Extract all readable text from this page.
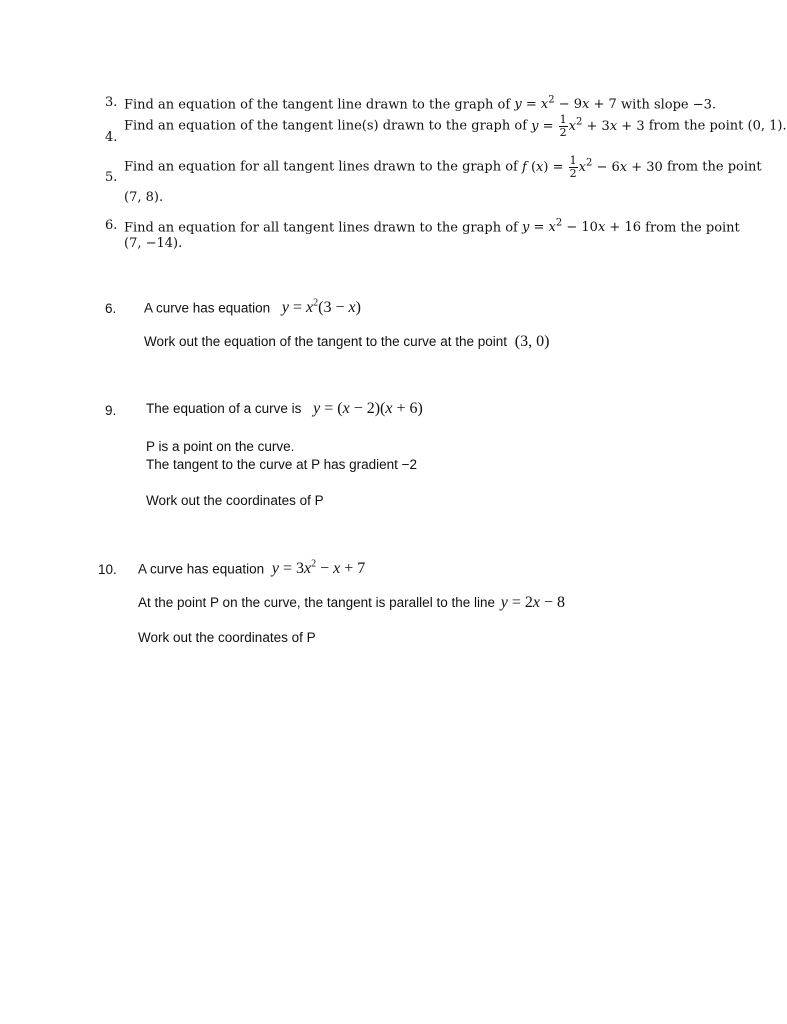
3. Find an equation of the tangent line drawn to the graph of $y = x^2 - 9x + 7$ with slope −3.
4.
Find an equation of the tangent line(s) drawn to the graph of $y = \frac{1}{2} x^2 + 3x + 3$ from the point (0, 1).
5.
Find an equation for all tangent lines drawn to the graph of f $(x) = \frac{1}{2} x^2 - 6x + 30$ from the point
(7, 8).
6. Find an equation for all tangent lines drawn to the graph of $y = x^2 - 10x + 16$ from the point
(7, −14).
6. A curve has equation $y = x^2(3 - x)$
Work out the equation of the tangent to the curve at the point (3, 0)
9. The equation of a curve is y = (x − 2)(x + 6)
P is a point on the curve.
The tangent to the curve at P has gradient −2
Work out the coordinates of P
10. A curve has equation $y = 3x^2 - x + 7$
At the point P on the curve, the tangent is parallel to the line y = 2x − 8
Work out the coordinates of P
